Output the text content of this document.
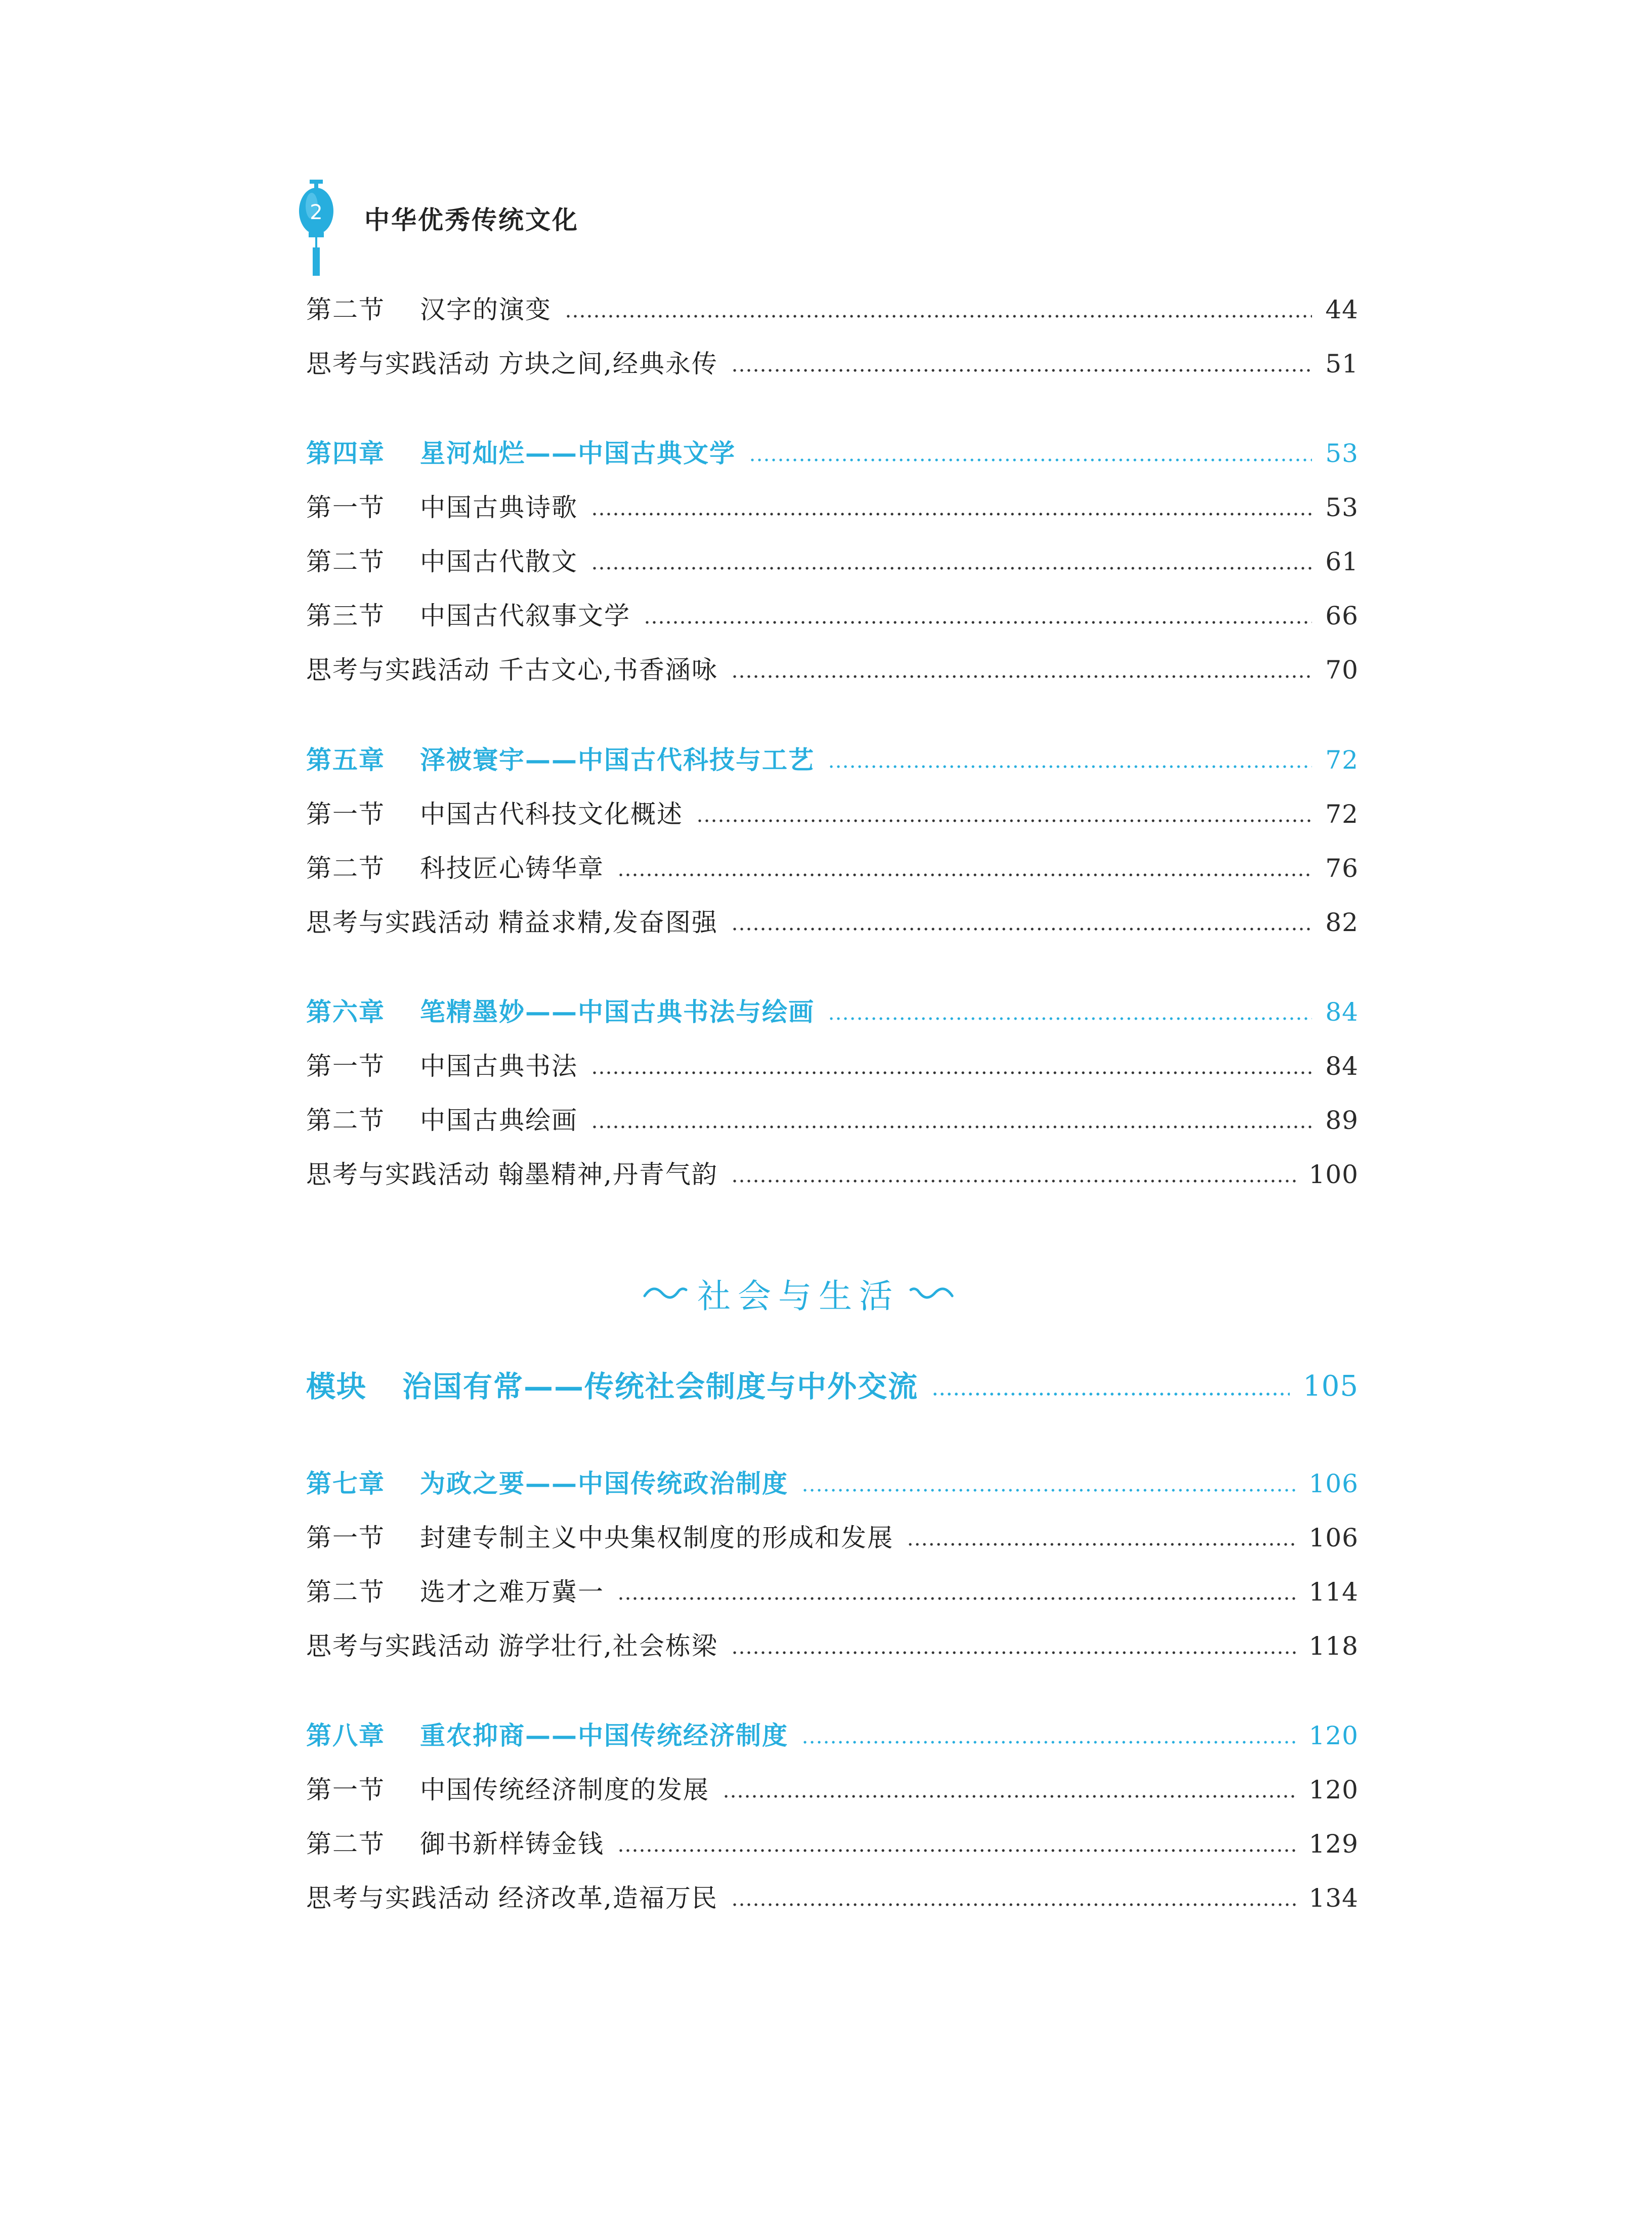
2 中华优秀传统文化
第二节	汉字的演变	44
思考与实践活动 方块之间,经典永传	51
第四章	星河灿烂——中国古典文学	53
第一节	中国古典诗歌	53
第二节	中国古代散文	61
第三节	中国古代叙事文学	66
思考与实践活动 千古文心,书香涵咏	70
第五章	泽被寰宇——中国古代科技与工艺	72
第一节	中国古代科技文化概述	72
第二节	科技匠心铸华章	76
思考与实践活动 精益求精,发奋图强	82
第六章	笔精墨妙——中国古典书法与绘画	84
第一节	中国古典书法	84
第二节	中国古典绘画	89
思考与实践活动 翰墨精神,丹青气韵	100
模块	治国有常——传统社会制度与中外交流	105
第七章	为政之要——中国传统政治制度	106
第一节	封建专制主义中央集权制度的形成和发展	106
第二节	选才之难万冀一	114
思考与实践活动 游学壮行,社会栋梁	118
第八章	重农抑商——中国传统经济制度	120
第一节	中国传统经济制度的发展	120
第二节	御书新样铸金钱	129
思考与实践活动 经济改革,造福万民	134
社会与生活
